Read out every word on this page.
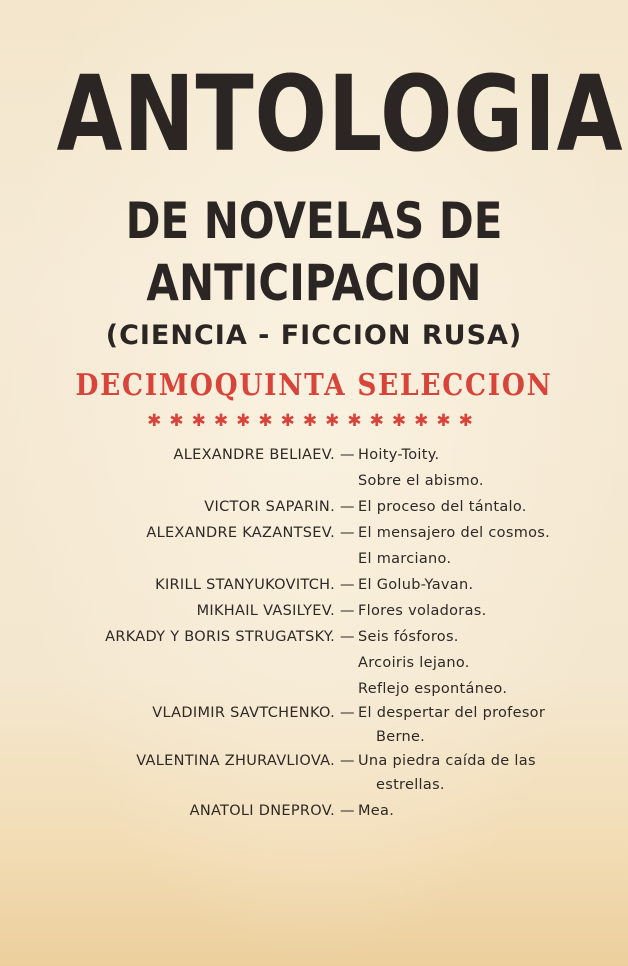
ANTOLOGIA
DE NOVELAS DE
ANTICIPACION
(CIENCIA - FICCION RUSA)
DECIMOQUINTA SELECCION
✱✱✱✱✱✱✱✱✱✱✱✱✱✱✱
ALEXANDRE BELIAEV. — Hoity-Toity.
Sobre el abismo.
VICTOR SAPARIN. — El proceso del tántalo.
ALEXANDRE KAZANTSEV. — El mensajero del cosmos.
El marciano.
KIRILL STANYUKOVITCH. — El Golub-Yavan.
MIKHAIL VASILYEV. — Flores voladoras.
ARKADY Y BORIS STRUGATSKY. — Seis fósforos.
Arcoiris lejano.
Reflejo espontáneo.
VLADIMIR SAVTCHENKO. — El despertar del profesor
Berne.
VALENTINA ZHURAVLIOVA. — Una piedra caída de las
estrellas.
ANATOLI DNEPROV. — Mea.
